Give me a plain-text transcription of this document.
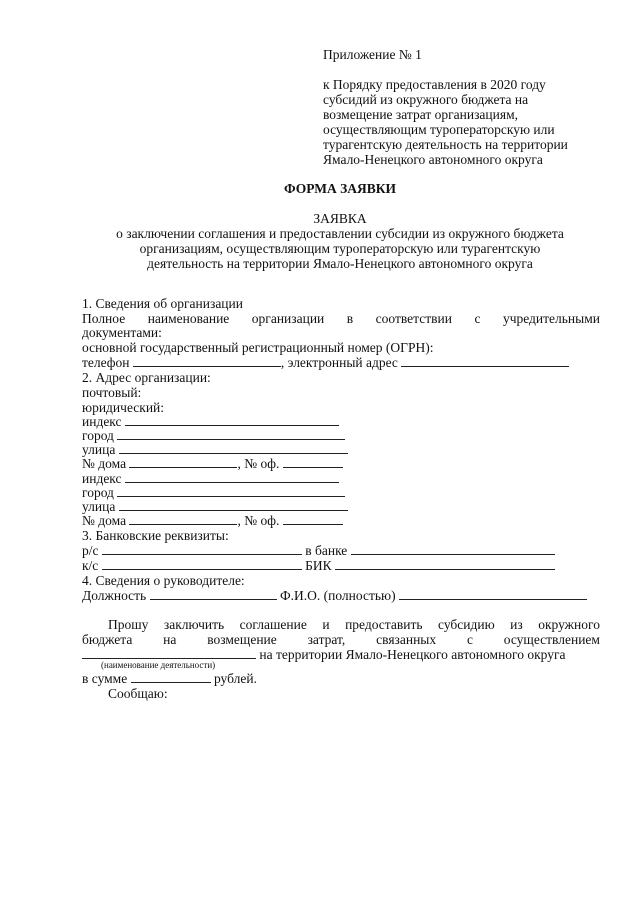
Приложение № 1
к Порядку предоставления в 2020 году
субсидий из окружного бюджета на
возмещение затрат организациям,
осуществляющим туроператорскую или
турагентскую деятельность на территории
Ямало-Ненецкого автономного округа
ФОРМА ЗАЯВКИ
ЗАЯВКА
о заключении соглашения и предоставлении субсидии из окружного бюджета
организациям, осуществляющим туроператорскую или турагентскую
деятельность на территории Ямало-Ненецкого автономного округа
1. Сведения об организации
Полное наименование организации в соответствии с учредительными
документами:
основной государственный регистрационный номер (ОГРН):
телефон	, электронный адрес
2. Адрес организации:
почтовый:
юридический:
индекс
город
улица
№ дома	, № оф.
индекс
город
улица
№ дома	, № оф.
3. Банковские реквизиты:
р/с	в банке
к/с	БИК
4. Сведения о руководителе:
Должность	Ф.И.О. (полностью)
Прошу заключить соглашение и предоставить субсидию из окружного
бюджета на возмещение затрат, связанных с осуществлением
на территории Ямало-Ненецкого автономного округа
(наименование деятельности)
в сумме	рублей.
Сообщаю:
